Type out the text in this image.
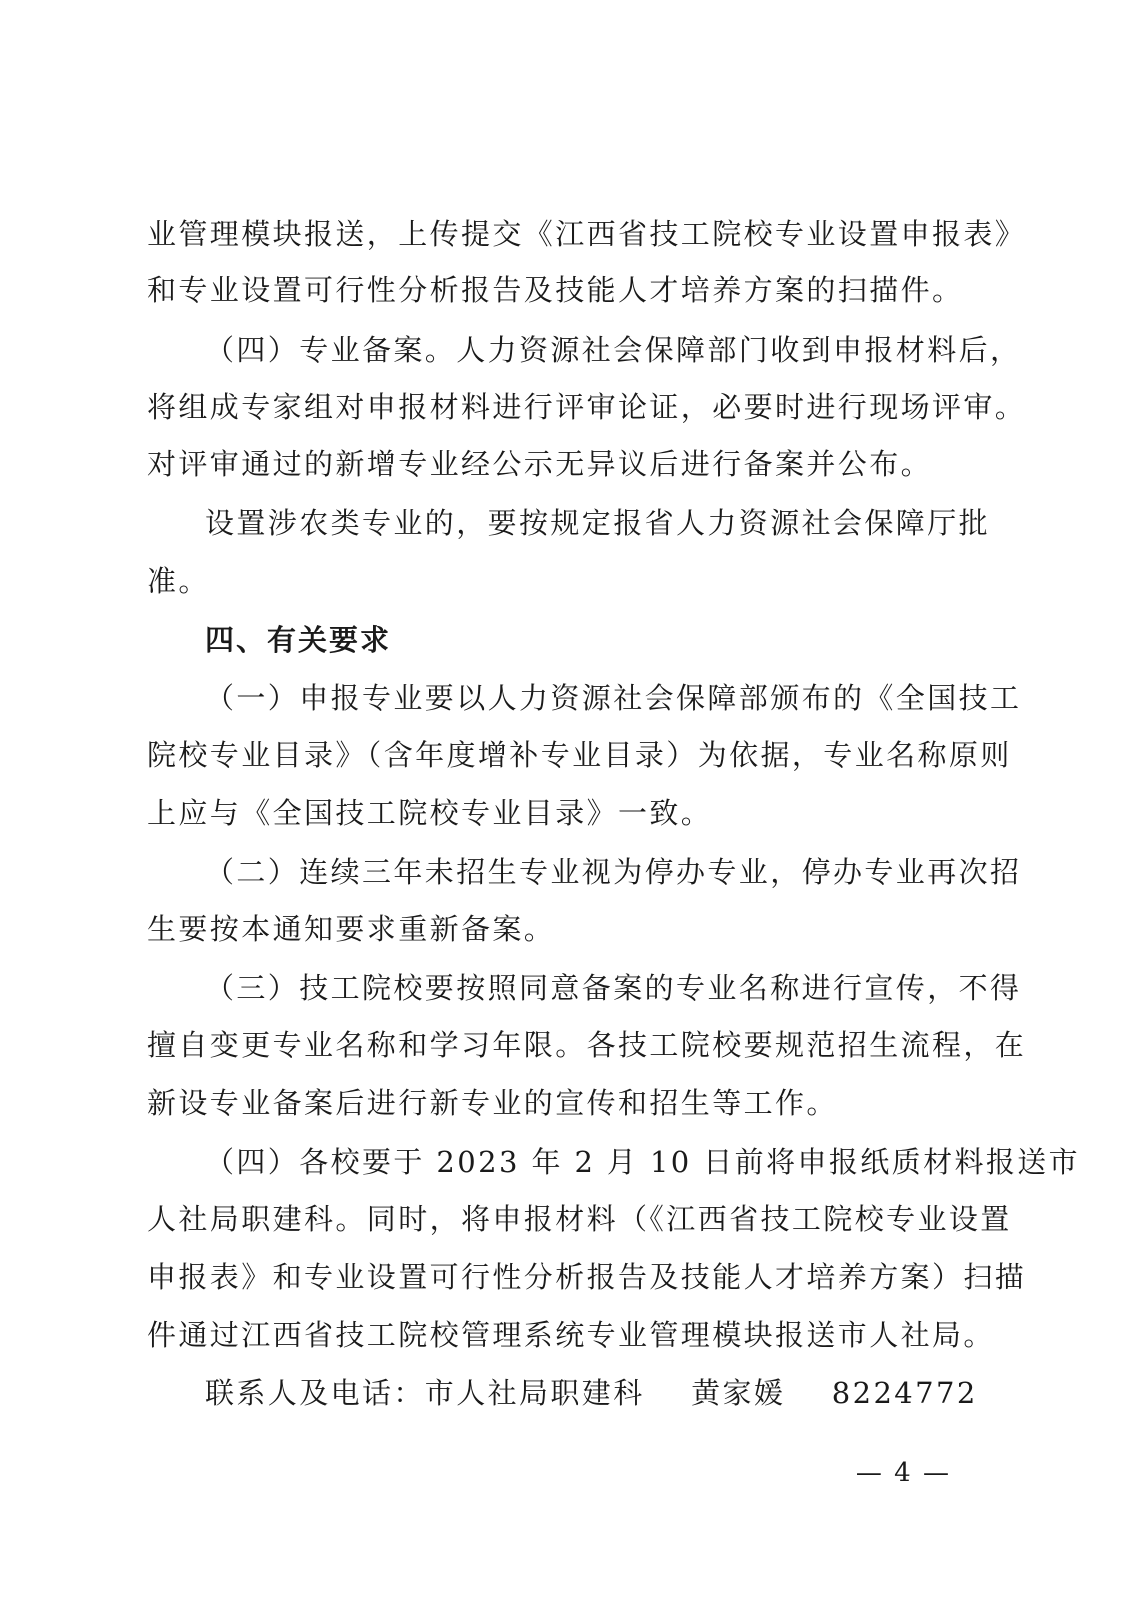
业管理模块报送，上传提交《江西省技工院校专业设置申报表》
和专业设置可行性分析报告及技能人才培养方案的扫描件。
（四）专业备案。人力资源社会保障部门收到申报材料后，
将组成专家组对申报材料进行评审论证，必要时进行现场评审。
对评审通过的新增专业经公示无异议后进行备案并公布。
设置涉农类专业的，要按规定报省人力资源社会保障厅批
准。
四、有关要求
（一）申报专业要以人力资源社会保障部颁布的《全国技工
院校专业目录》（含年度增补专业目录）为依据，专业名称原则
上应与《全国技工院校专业目录》一致。
（二）连续三年未招生专业视为停办专业，停办专业再次招
生要按本通知要求重新备案。
（三）技工院校要按照同意备案的专业名称进行宣传，不得
擅自变更专业名称和学习年限。各技工院校要规范招生流程，在
新设专业备案后进行新专业的宣传和招生等工作。
（四）各校要于 2023 年 2 月 10 日前将申报纸质材料报送市
人社局职建科。同时，将申报材料（《江西省技工院校专业设置
申报表》和专业设置可行性分析报告及技能人才培养方案）扫描
件通过江西省技工院校管理系统专业管理模块报送市人社局。
联系人及电话：市人社局职建科    黄家媛    8224772
— 4 —
